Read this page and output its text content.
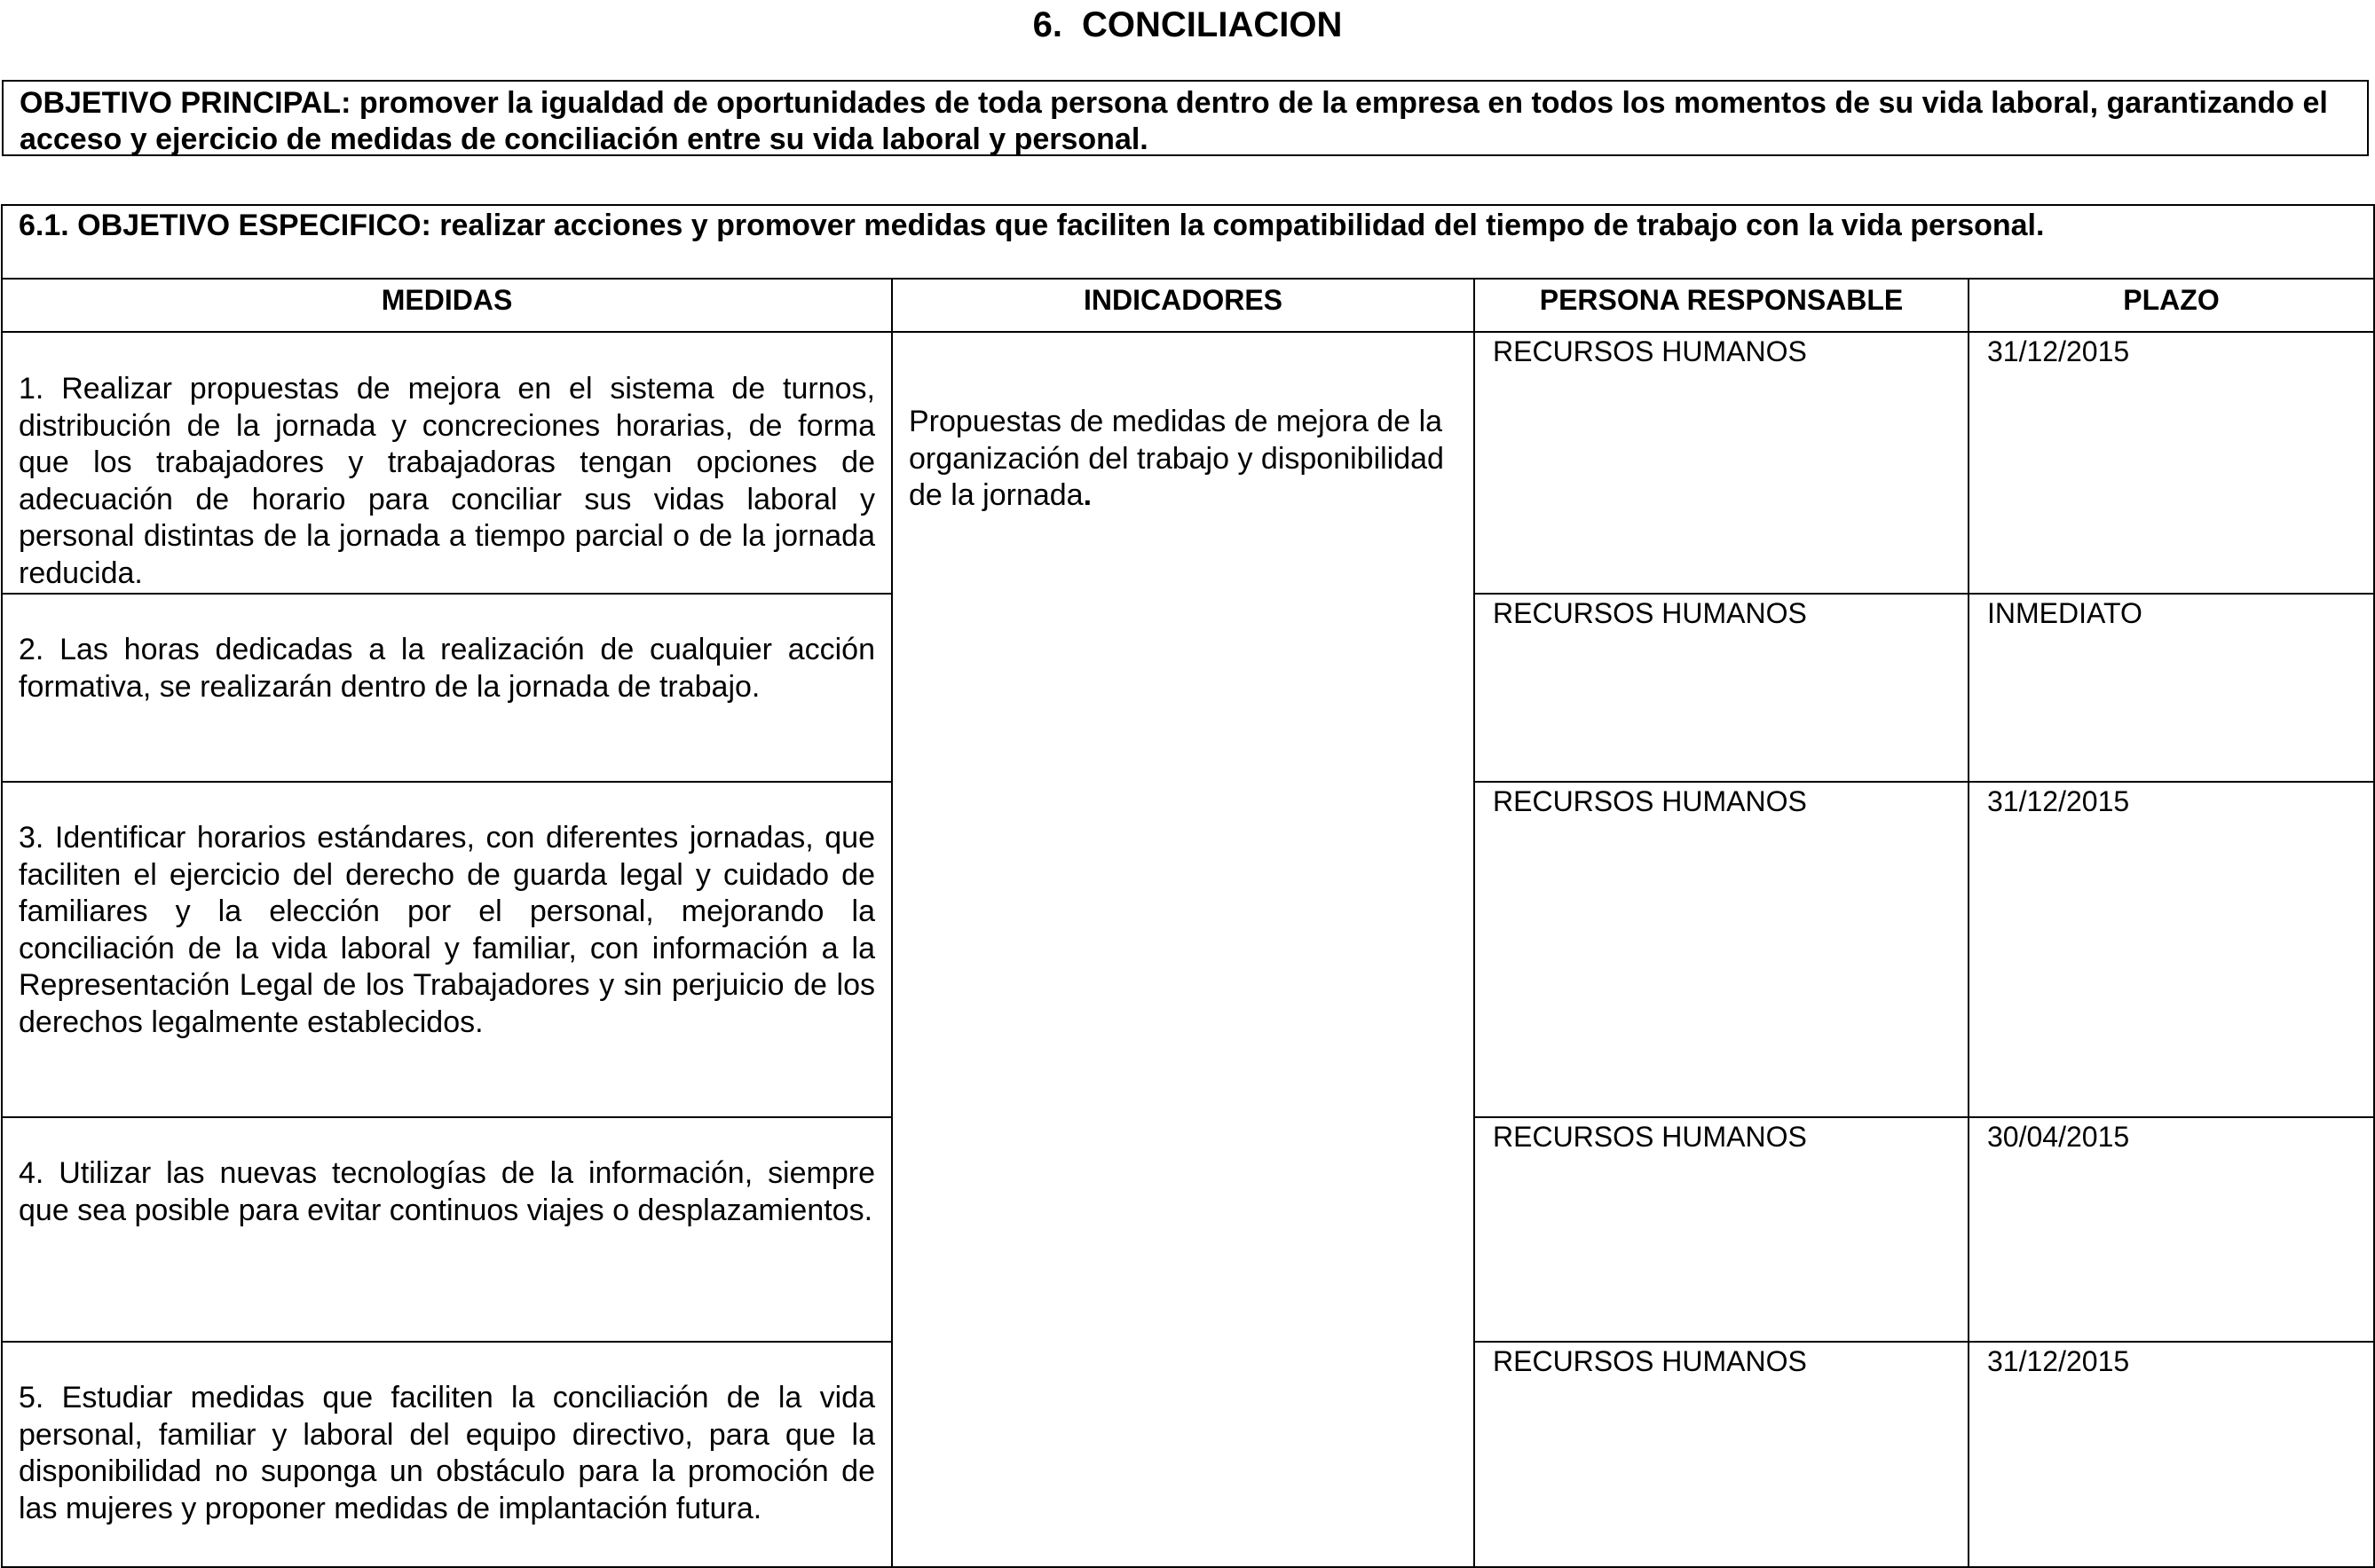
6. CONCILIACION
OBJETIVO PRINCIPAL: promover la igualdad de oportunidades de toda persona dentro de la empresa en todos los momentos de su vida laboral, garantizando el acceso y ejercicio de medidas de conciliación entre su vida laboral y personal.
6.1. OBJETIVO ESPECIFICO: realizar acciones y promover medidas que faciliten la compatibilidad del tiempo de trabajo con la vida personal.			
MEDIDAS	INDICADORES	PERSONA RESPONSABLE	PLAZO

1. Realizar propuestas de mejora en el sistema de turnos, distribución de la jornada y concreciones horarias, de forma que los trabajadores y trabajadoras tengan opciones de adecuación de horario para conciliar sus vidas laboral y personal distintas de la jornada a tiempo parcial o de la jornada reducida.	Propuestas de medidas de mejora de la organización del trabajo y disponibilidad de la jornada.	RECURSOS HUMANOS	31/12/2015

2. Las horas dedicadas a la realización de cualquier acción formativa, se realizarán dentro de la jornada de trabajo.		RECURSOS HUMANOS	INMEDIATO

3. Identificar horarios estándares, con diferentes jornadas, que faciliten el ejercicio del derecho de guarda legal y cuidado de familiares y la elección por el personal, mejorando la conciliación de la vida laboral y familiar, con información a la Representación Legal de los Trabajadores y sin perjuicio de los derechos legalmente establecidos.		RECURSOS HUMANOS	31/12/2015

4. Utilizar las nuevas tecnologías de la información, siempre que sea posible para evitar continuos viajes o desplazamientos.		RECURSOS HUMANOS	30/04/2015

5. Estudiar medidas que faciliten la conciliación de la vida personal, familiar y laboral del equipo directivo, para que la disponibilidad no suponga un obstáculo para la promoción de las mujeres y proponer medidas de implantación futura.		RECURSOS HUMANOS	31/12/2015
